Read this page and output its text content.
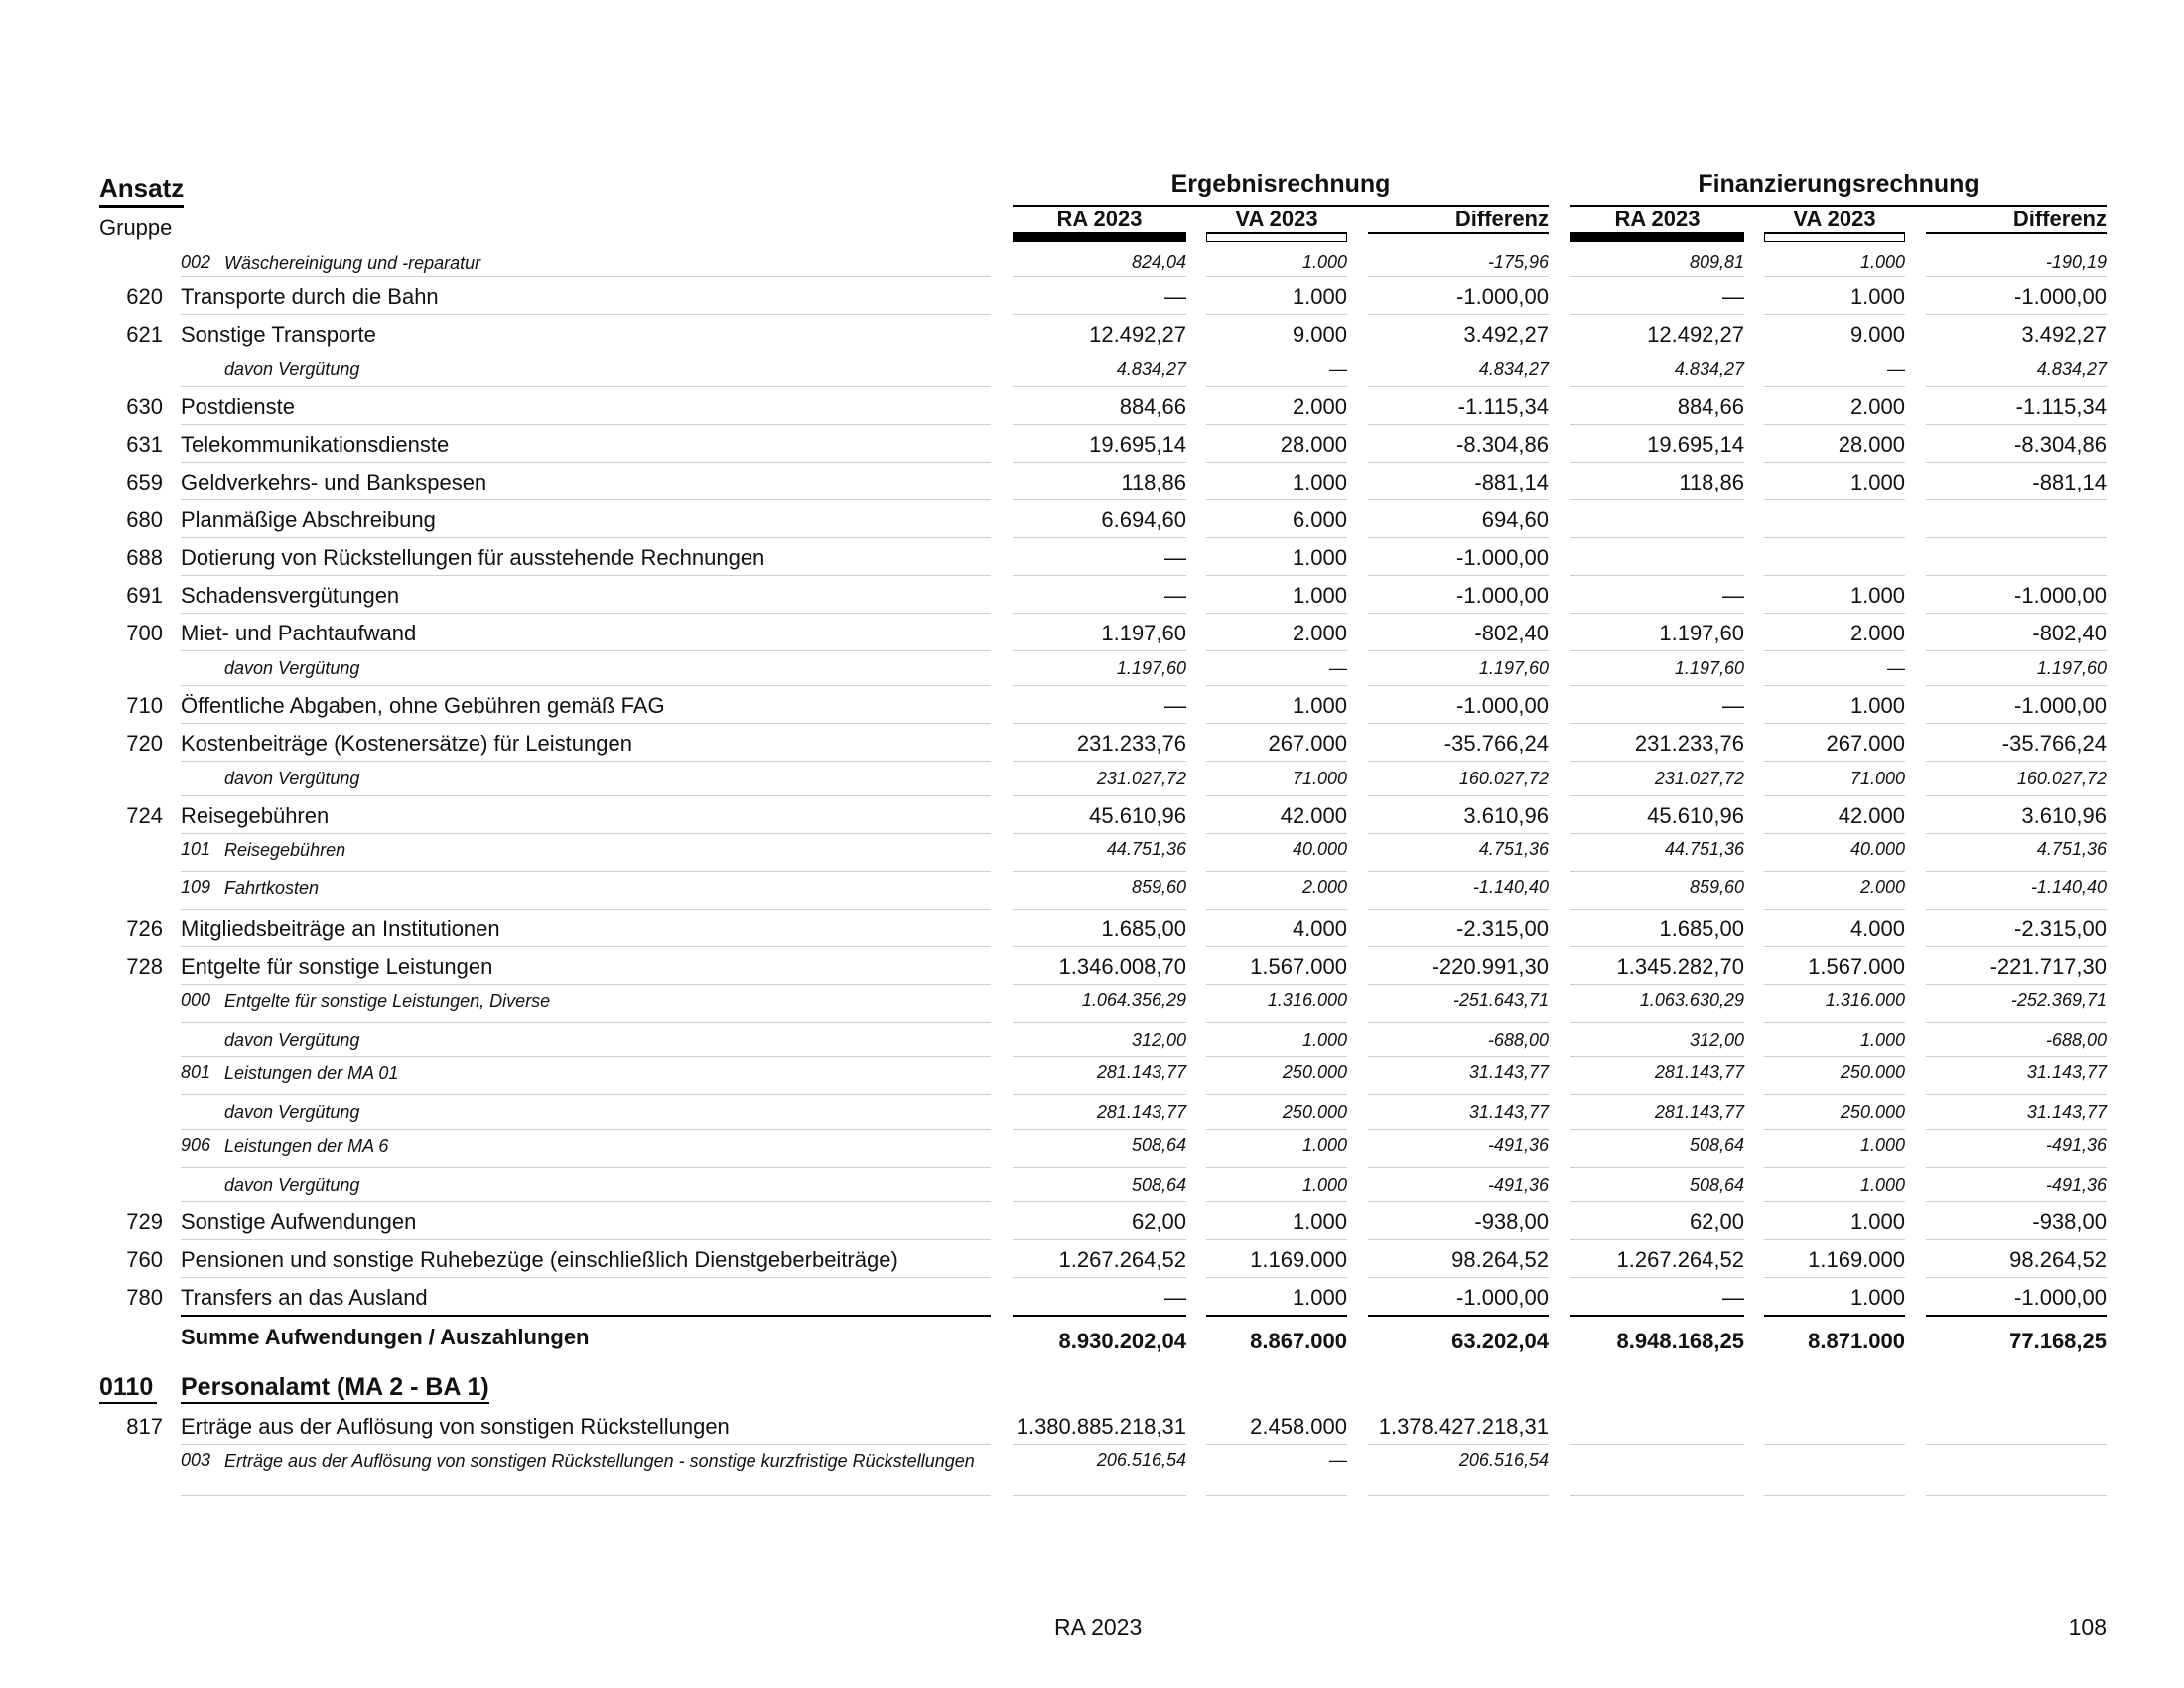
Ansatz
Gruppe
Ergebnisrechnung	Finanzierungsrechnung
RA 2023	VA 2023	Differenz	RA 2023	VA 2023	Differenz
002 Wäschereinigung und -reparatur	824,04	1.000	-175,96	809,81	1.000	-190,19
620 Transporte durch die Bahn	—	1.000	-1.000,00	—	1.000	-1.000,00
621 Sonstige Transporte	12.492,27	9.000	3.492,27	12.492,27	9.000	3.492,27
davon Vergütung	4.834,27	—	4.834,27	4.834,27	—	4.834,27
630 Postdienste	884,66	2.000	-1.115,34	884,66	2.000	-1.115,34
631 Telekommunikationsdienste	19.695,14	28.000	-8.304,86	19.695,14	28.000	-8.304,86
659 Geldverkehrs- und Bankspesen	118,86	1.000	-881,14	118,86	1.000	-881,14
680 Planmäßige Abschreibung	6.694,60	6.000	694,60
688 Dotierung von Rückstellungen für ausstehende Rechnungen	—	1.000	-1.000,00
691 Schadensvergütungen	—	1.000	-1.000,00	—	1.000	-1.000,00
700 Miet- und Pachtaufwand	1.197,60	2.000	-802,40	1.197,60	2.000	-802,40
davon Vergütung	1.197,60	—	1.197,60	1.197,60	—	1.197,60
710 Öffentliche Abgaben, ohne Gebühren gemäß FAG	—	1.000	-1.000,00	—	1.000	-1.000,00
720 Kostenbeiträge (Kostenersätze) für Leistungen	231.233,76	267.000	-35.766,24	231.233,76	267.000	-35.766,24
davon Vergütung	231.027,72	71.000	160.027,72	231.027,72	71.000	160.027,72
724 Reisegebühren	45.610,96	42.000	3.610,96	45.610,96	42.000	3.610,96
101 Reisegebühren	44.751,36	40.000	4.751,36	44.751,36	40.000	4.751,36
109 Fahrtkosten	859,60	2.000	-1.140,40	859,60	2.000	-1.140,40
726 Mitgliedsbeiträge an Institutionen	1.685,00	4.000	-2.315,00	1.685,00	4.000	-2.315,00
728 Entgelte für sonstige Leistungen	1.346.008,70	1.567.000	-220.991,30	1.345.282,70	1.567.000	-221.717,30
000 Entgelte für sonstige Leistungen, Diverse	1.064.356,29	1.316.000	-251.643,71	1.063.630,29	1.316.000	-252.369,71
davon Vergütung	312,00	1.000	-688,00	312,00	1.000	-688,00
801 Leistungen der MA 01	281.143,77	250.000	31.143,77	281.143,77	250.000	31.143,77
davon Vergütung	281.143,77	250.000	31.143,77	281.143,77	250.000	31.143,77
906 Leistungen der MA 6	508,64	1.000	-491,36	508,64	1.000	-491,36
davon Vergütung	508,64	1.000	-491,36	508,64	1.000	-491,36
729 Sonstige Aufwendungen	62,00	1.000	-938,00	62,00	1.000	-938,00
760 Pensionen und sonstige Ruhebezüge (einschließlich Dienstgeberbeiträge)	1.267.264,52	1.169.000	98.264,52	1.267.264,52	1.169.000	98.264,52
780 Transfers an das Ausland	—	1.000	-1.000,00	—	1.000	-1.000,00
Summe Aufwendungen / Auszahlungen	8.930.202,04	8.867.000	63.202,04	8.948.168,25	8.871.000	77.168,25
0110 Personalamt (MA 2 - BA 1)
817 Erträge aus der Auflösung von sonstigen Rückstellungen	1.380.885.218,31	2.458.000	1.378.427.218,31
003 Erträge aus der Auflösung von sonstigen Rückstellungen - sonstige kurzfristige Rückstellungen	206.516,54	—	206.516,54
RA 2023	108
